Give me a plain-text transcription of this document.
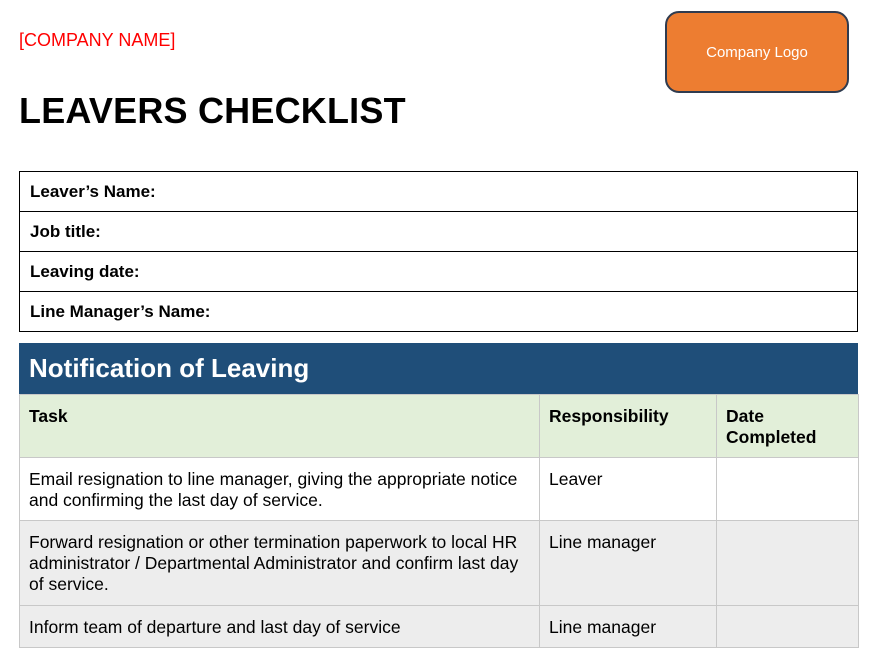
[COMPANY NAME]
Company Logo
LEAVERS CHECKLIST
Leaver’s Name:
Job title:
Leaving date:
Line Manager’s Name:
Notification of Leaving
Task	Responsibility	Date Completed
Email resignation to line manager, giving the appropriate notice and confirming the last day of service.	Leaver	
Forward resignation or other termination paperwork to local HR administrator / Departmental Administrator and confirm last day of service.	Line manager	
Inform team of departure and last day of service	Line manager	
